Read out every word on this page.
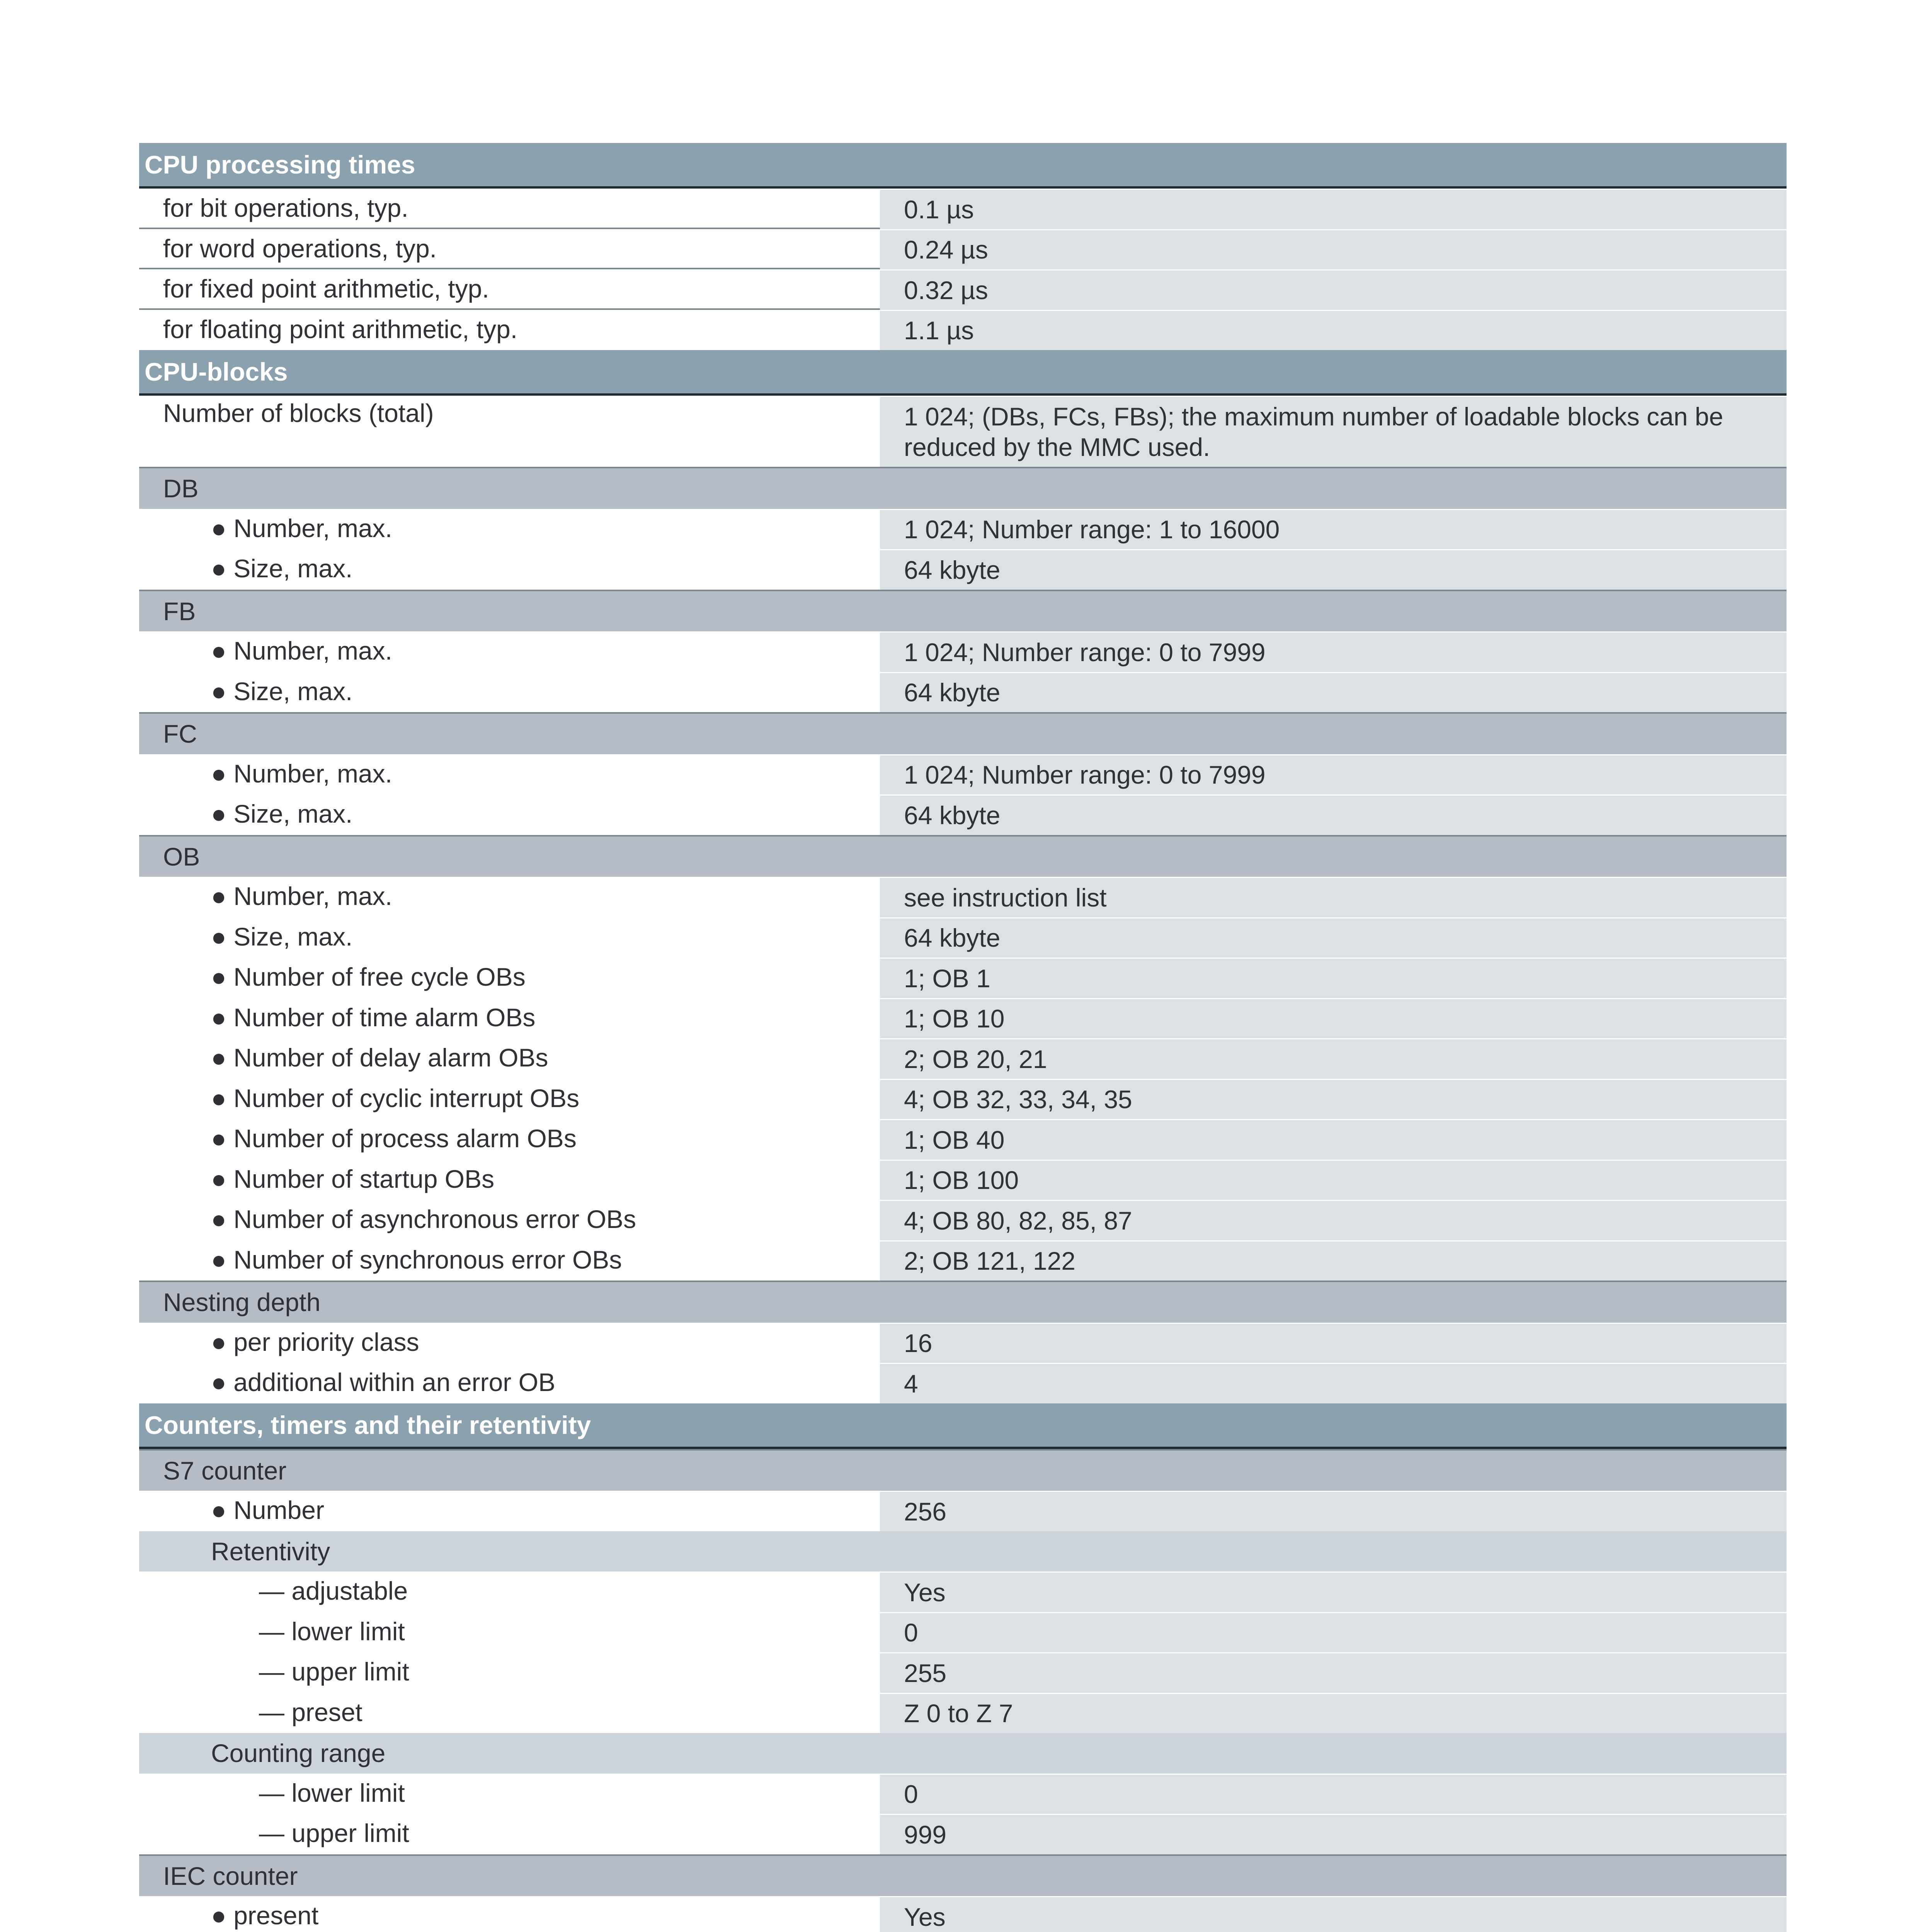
CPU processing times
for bit operations, typ.	0.1 µs
for word operations, typ.	0.24 µs
for fixed point arithmetic, typ.	0.32 µs
for floating point arithmetic, typ.	1.1 µs
CPU-blocks
Number of blocks (total)	1 024; (DBs, FCs, FBs); the maximum number of loadable blocks can be reduced by the MMC used.
DB
● Number, max.	1 024; Number range: 1 to 16000
● Size, max.	64 kbyte
FB
● Number, max.	1 024; Number range: 0 to 7999
● Size, max.	64 kbyte
FC
● Number, max.	1 024; Number range: 0 to 7999
● Size, max.	64 kbyte
OB
● Number, max.	see instruction list
● Size, max.	64 kbyte
● Number of free cycle OBs	1; OB 1
● Number of time alarm OBs	1; OB 10
● Number of delay alarm OBs	2; OB 20, 21
● Number of cyclic interrupt OBs	4; OB 32, 33, 34, 35
● Number of process alarm OBs	1; OB 40
● Number of startup OBs	1; OB 100
● Number of asynchronous error OBs	4; OB 80, 82, 85, 87
● Number of synchronous error OBs	2; OB 121, 122
Nesting depth
● per priority class	16
● additional within an error OB	4
Counters, timers and their retentivity
S7 counter
● Number	256
Retentivity
— adjustable	Yes
— lower limit	0
— upper limit	255
— preset	Z 0 to Z 7
Counting range
— lower limit	0
— upper limit	999
IEC counter
● present	Yes
